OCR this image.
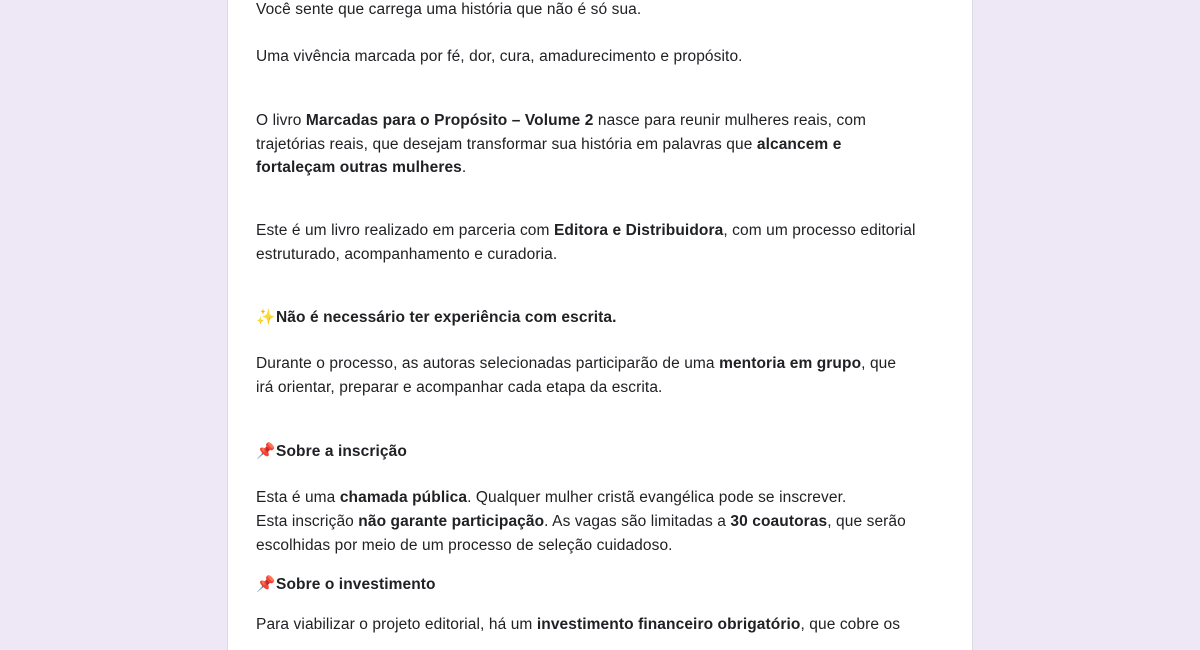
Você sente que carrega uma história que não é só sua.

Uma vivência marcada por fé, dor, cura, amadurecimento e propósito.

O livro Marcadas para o Propósito – Volume 2 nasce para reunir mulheres reais, com

trajetórias reais, que desejam transformar sua história em palavras que alcancem e

fortaleçam outras mulheres.

Este é um livro realizado em parceria com Editora e Distribuidora, com um processo editorial

estruturado, acompanhamento e curadoria.

✨Não é necessário ter experiência com escrita.

Durante o processo, as autoras selecionadas participarão de uma mentoria em grupo, que

irá orientar, preparar e acompanhar cada etapa da escrita.

📌Sobre a inscrição

Esta é uma chamada pública. Qualquer mulher cristã evangélica pode se inscrever.

Esta inscrição não garante participação. As vagas são limitadas a 30 coautoras, que serão

escolhidas por meio de um processo de seleção cuidadoso.

📌Sobre o investimento

Para viabilizar o projeto editorial, há um investimento financeiro obrigatório, que cobre os
